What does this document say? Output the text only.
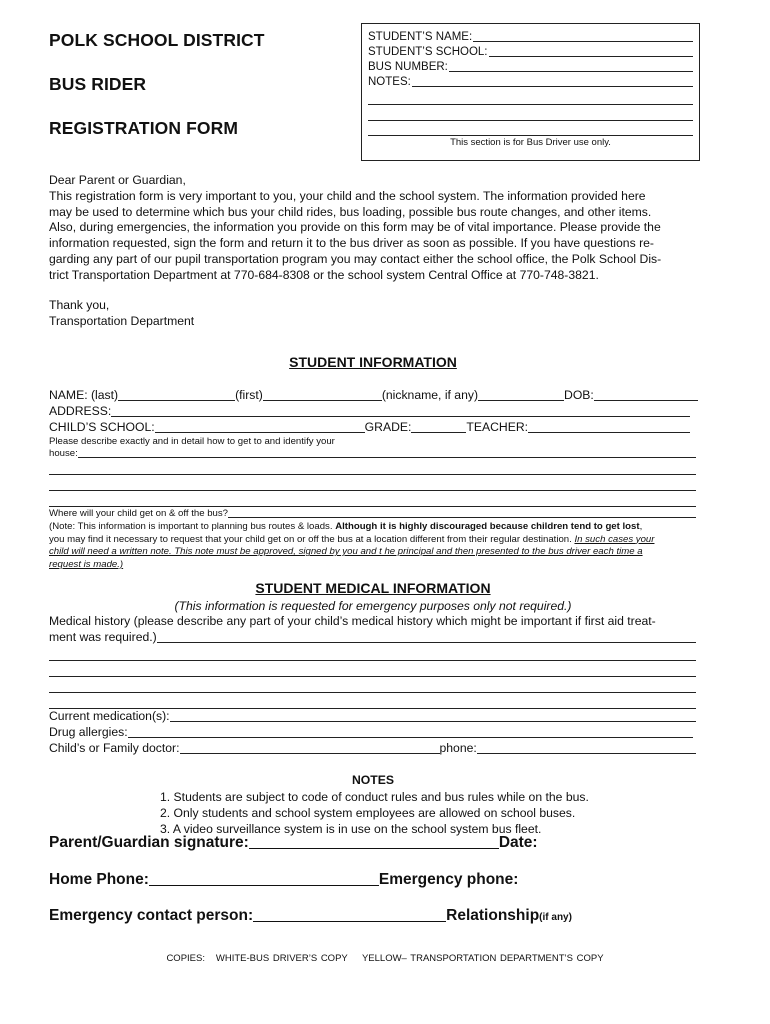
POLK SCHOOL DISTRICT
BUS RIDER
REGISTRATION FORM
STUDENT’S NAME:
STUDENT’S SCHOOL:
BUS NUMBER:
NOTES:
This section is for Bus Driver use only.
Dear Parent or Guardian,
This registration form is very important to you, your child and the school system. The information provided here
may be used to determine which bus your child rides, bus loading, possible bus route changes, and other items.
Also, during emergencies, the information you provide on this form may be of vital importance. Please provide the
information requested, sign the form and return it to the bus driver as soon as possible. If you have questions re-
garding any part of our pupil transportation program you may contact either the school office, the Polk School Dis-
trict Transportation Department at 770-684-8308 or the school system Central Office at 770-748-3821.
Thank you,
Transportation Department
STUDENT INFORMATION
NAME: (last)	(first)	(nickname, if any)	DOB:
ADDRESS:
CHILD’S SCHOOL:	GRADE:	TEACHER:
Please describe exactly and in detail how to get to and identify your
house:
Where will your child get on & off the bus?
(Note: This information is important to planning bus routes & loads. Although it is highly discouraged because children tend to get lost,
you may find it necessary to request that your child get on or off the bus at a location different from their regular destination. In such cases your
child will need a written note. This note must be approved, signed by you and t he principal and then presented to the bus driver each time a
request is made.)
STUDENT MEDICAL INFORMATION
(This information is requested for emergency purposes only not required.)
Medical history (please describe any part of your child’s medical history which might be important if first aid treat-
ment was required.)
Current medication(s):
Drug allergies:
Child’s or Family doctor:	phone:
NOTES
1. Students are subject to code of conduct rules and bus rules while on the bus.
2. Only students and school system employees are allowed on school buses.
3. A video surveillance system is in use on the school system bus fleet.
Parent/Guardian signature:	Date:
Home Phone:	Emergency phone:
Emergency contact person:	Relationship (if any)
COPIES:   WHITE-BUS DRIVER’S COPY    YELLOW– TRANSPORTATION DEPARTMENT’S COPY
